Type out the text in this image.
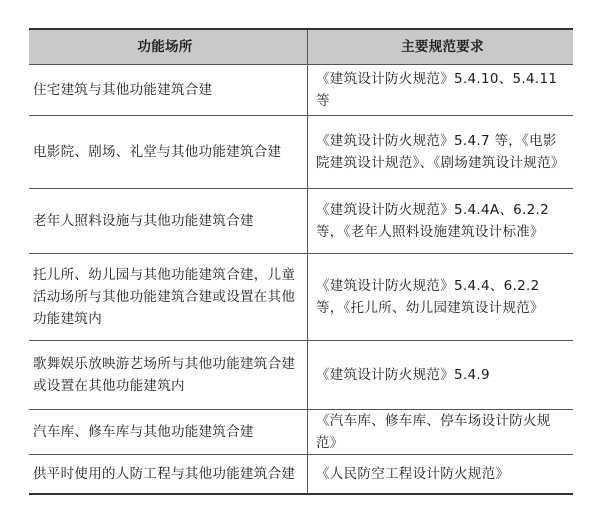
功能场所	主要规范要求
住宅建筑与其他功能建筑合建
《建筑设计防火规范》5.4.10、5.4.11 等
电影院、剧场、礼堂与其他功能建筑合建
《建筑设计防火规范》5.4.7 等，《电影院建筑设计规范》、《剧场建筑设计规范》
老年人照料设施与其他功能建筑合建
《建筑设计防火规范》5.4.4A、6.2.2 等，《老年人照料设施建筑设计标准》
托儿所、幼儿园与其他功能建筑合建，儿童活动场所与其他功能建筑合建或设置在其他功能建筑内
《建筑设计防火规范》5.4.4、6.2.2 等，《托儿所、幼儿园建筑设计规范》
歌舞娱乐放映游艺场所与其他功能建筑合建或设置在其他功能建筑内
《建筑设计防火规范》5.4.9
汽车库、修车库与其他功能建筑合建
《汽车库、修车库、停车场设计防火规范》
供平时使用的人防工程与其他功能建筑合建	《人民防空工程设计防火规范》
